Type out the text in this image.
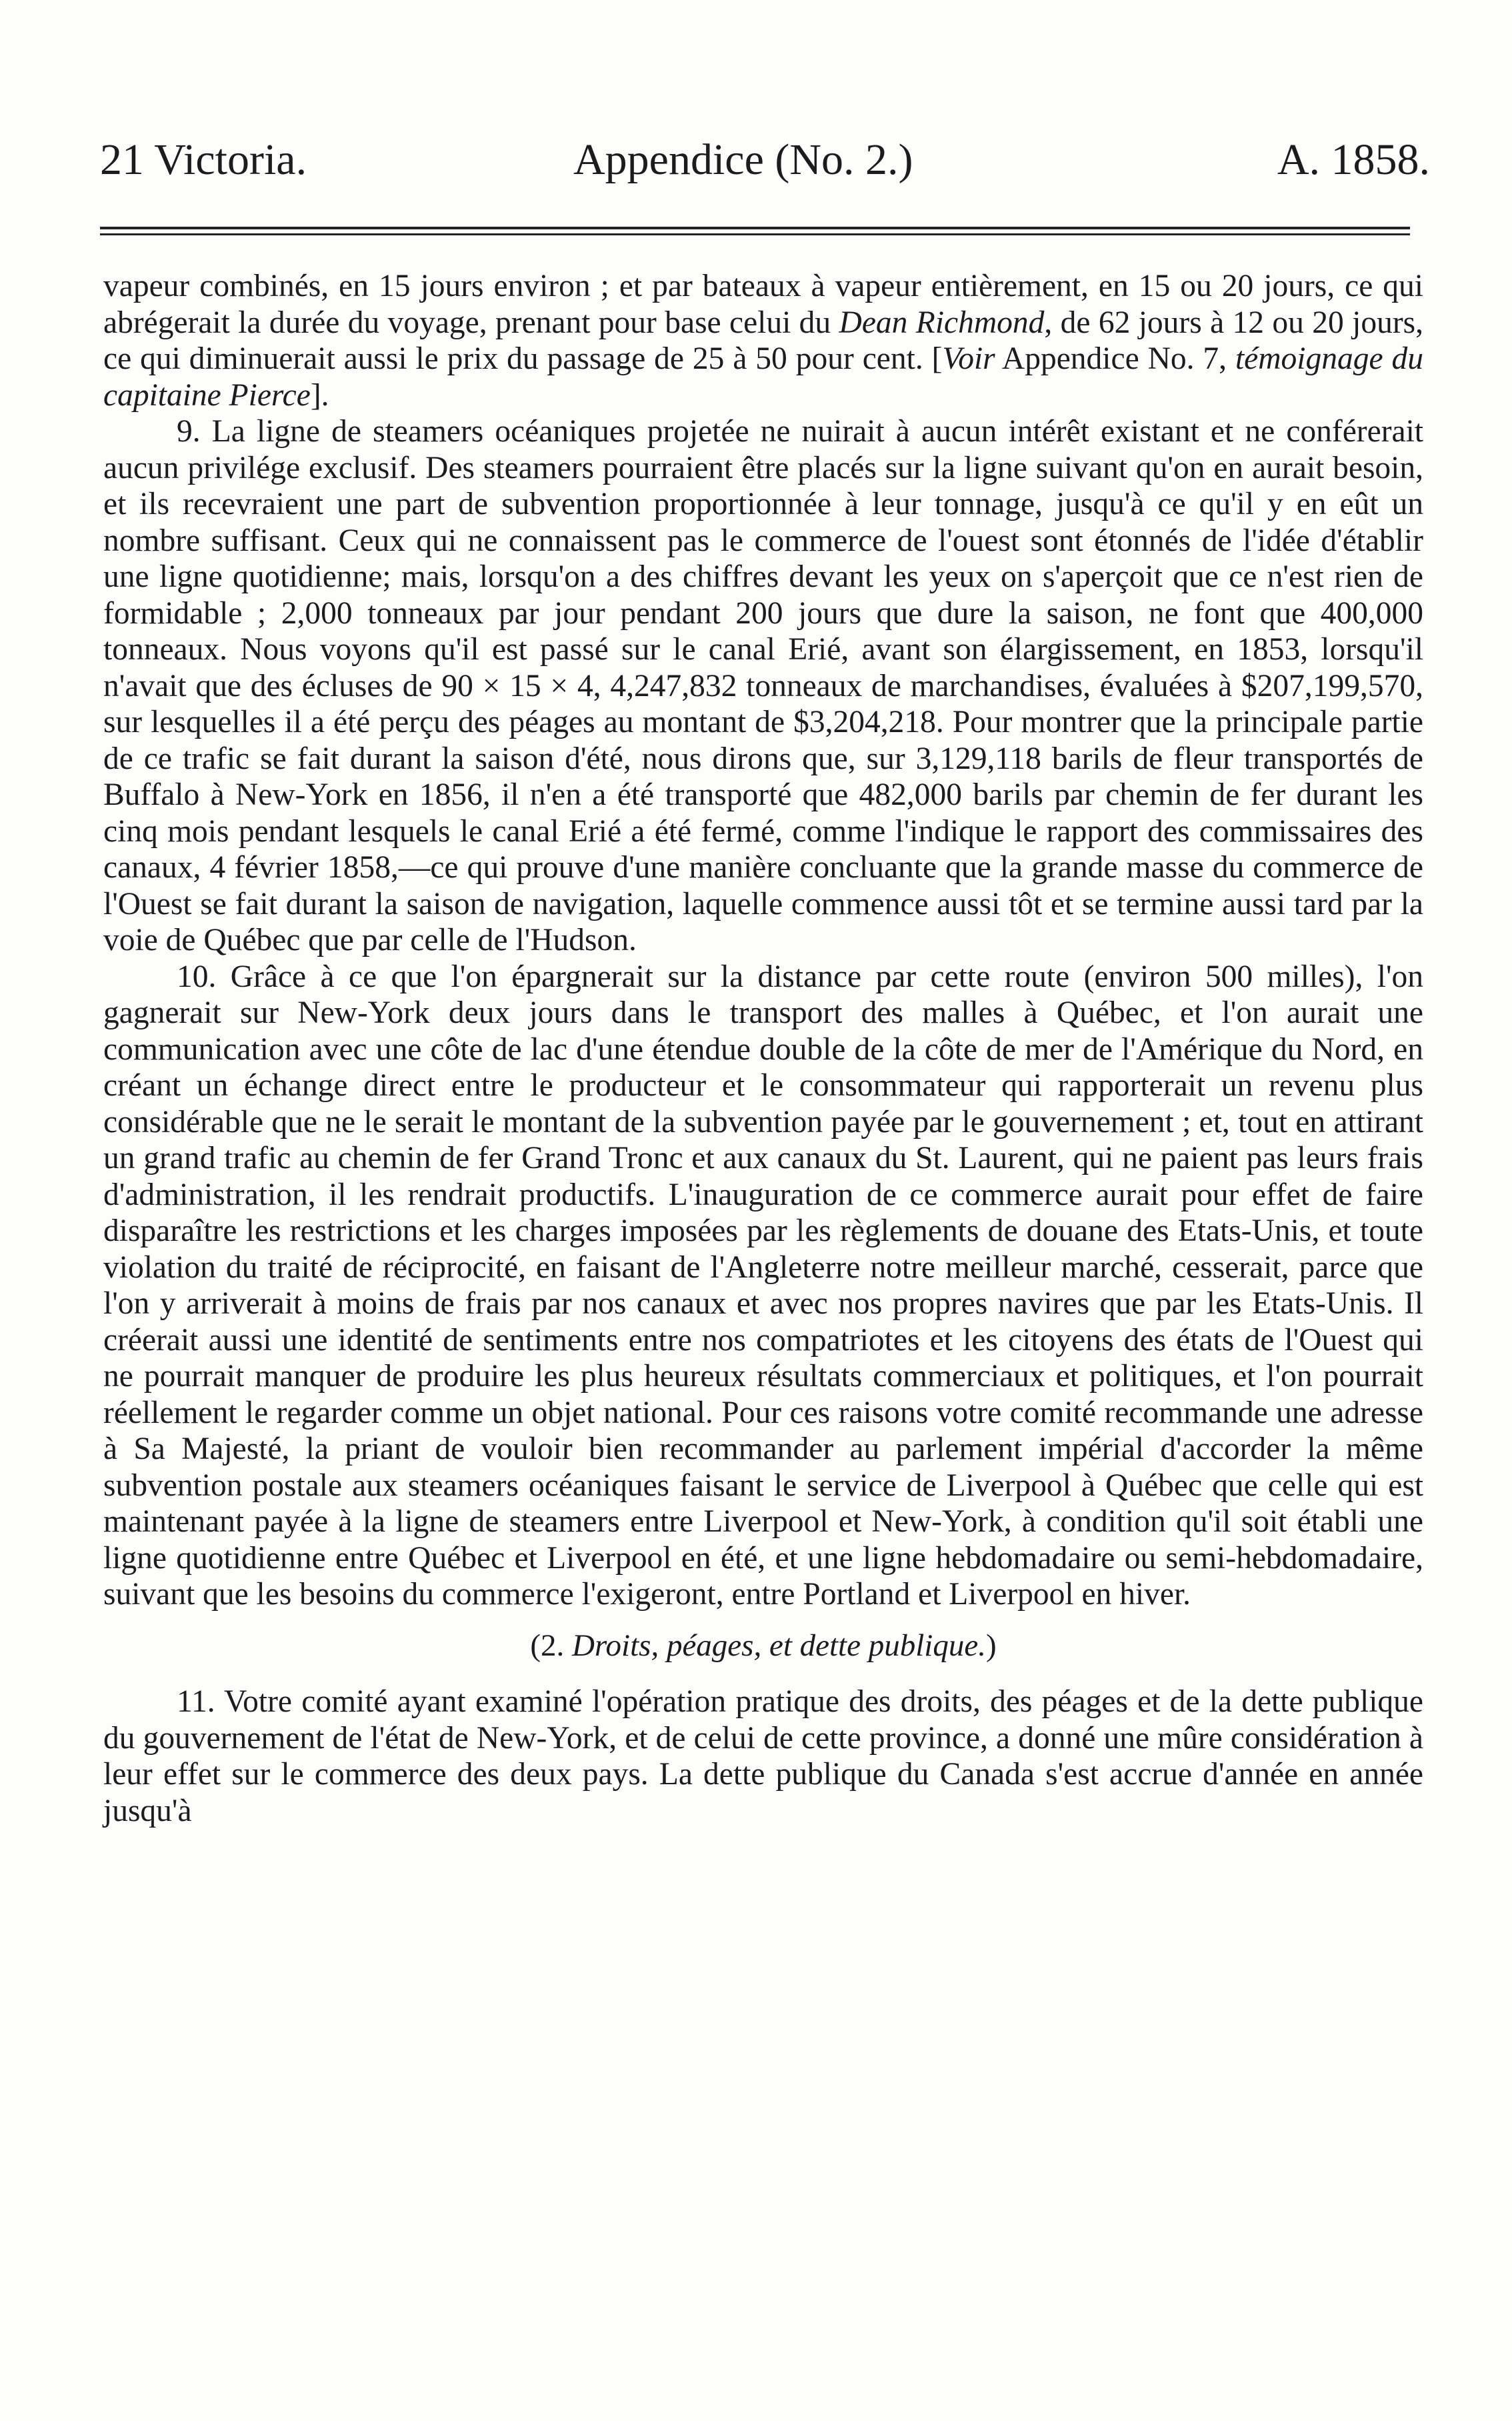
21 Victoria.	Appendice (No. 2.)	A. 1858.

vapeur combinés, en 15 jours environ ; et par bateaux à vapeur entièrement, en 15 ou 20 jours, ce qui abrégerait la durée du voyage, prenant pour base celui du Dean Richmond, de 62 jours à 12 ou 20 jours, ce qui diminuerait aussi le prix du passage de 25 à 50 pour cent. [Voir Appendice No. 7, témoignage du capitaine Pierce].

9. La ligne de steamers océaniques projetée ne nuirait à aucun intérêt existant et ne conférerait aucun privilége exclusif. Des steamers pourraient être placés sur la ligne suivant qu'on en aurait besoin, et ils recevraient une part de subvention proportionnée à leur tonnage, jusqu'à ce qu'il y en eût un nombre suffisant. Ceux qui ne connaissent pas le commerce de l'ouest sont étonnés de l'idée d'établir une ligne quotidienne; mais, lorsqu'on a des chiffres devant les yeux on s'aperçoit que ce n'est rien de formidable ; 2,000 tonneaux par jour pendant 200 jours que dure la saison, ne font que 400,000 tonneaux. Nous voyons qu'il est passé sur le canal Erié, avant son élargissement, en 1853, lorsqu'il n'avait que des écluses de 90 × 15 × 4, 4,247,832 tonneaux de marchandises, évaluées à $207,199,570, sur lesquelles il a été perçu des péages au montant de $3,204,218. Pour montrer que la principale partie de ce trafic se fait durant la saison d'été, nous dirons que, sur 3,129,118 barils de fleur transportés de Buffalo à New-York en 1856, il n'en a été transporté que 482,000 barils par chemin de fer durant les cinq mois pendant lesquels le canal Erié a été fermé, comme l'indique le rapport des commissaires des canaux, 4 février 1858,—ce qui prouve d'une manière concluante que la grande masse du commerce de l'Ouest se fait durant la saison de navigation, laquelle commence aussi tôt et se termine aussi tard par la voie de Québec que par celle de l'Hudson.

10. Grâce à ce que l'on épargnerait sur la distance par cette route (environ 500 milles), l'on gagnerait sur New-York deux jours dans le transport des malles à Québec, et l'on aurait une communication avec une côte de lac d'une étendue double de la côte de mer de l'Amérique du Nord, en créant un échange direct entre le producteur et le consommateur qui rapporterait un revenu plus considérable que ne le serait le montant de la subvention payée par le gouvernement ; et, tout en attirant un grand trafic au chemin de fer Grand Tronc et aux canaux du St. Laurent, qui ne paient pas leurs frais d'administration, il les rendrait productifs. L'inauguration de ce commerce aurait pour effet de faire disparaître les restrictions et les charges imposées par les règlements de douane des Etats-Unis, et toute violation du traité de réciprocité, en faisant de l'Angleterre notre meilleur marché, cesserait, parce que l'on y arriverait à moins de frais par nos canaux et avec nos propres navires que par les Etats-Unis. Il créerait aussi une identité de sentiments entre nos compatriotes et les citoyens des états de l'Ouest qui ne pourrait manquer de produire les plus heureux résultats commerciaux et politiques, et l'on pourrait réellement le regarder comme un objet national. Pour ces raisons votre comité recommande une adresse à Sa Majesté, la priant de vouloir bien recommander au parlement impérial d'accorder la même subvention postale aux steamers océaniques faisant le service de Liverpool à Québec que celle qui est maintenant payée à la ligne de steamers entre Liverpool et New-York, à condition qu'il soit établi une ligne quotidienne entre Québec et Liverpool en été, et une ligne hebdomadaire ou semi-hebdomadaire, suivant que les besoins du commerce l'exigeront, entre Portland et Liverpool en hiver.

(2. Droits, péages, et dette publique.)

11. Votre comité ayant examiné l'opération pratique des droits, des péages et de la dette publique du gouvernement de l'état de New-York, et de celui de cette province, a donné une mûre considération à leur effet sur le commerce des deux pays. La dette publique du Canada s'est accrue d'année en année jusqu'à
